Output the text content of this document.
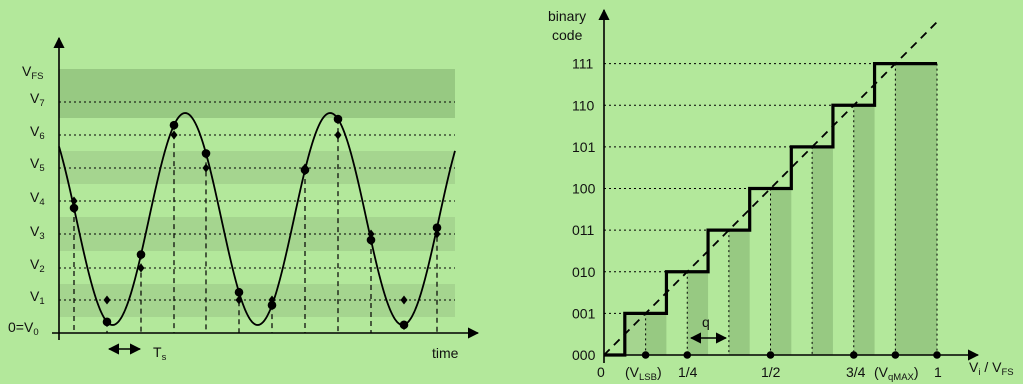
$0=V_0$
$V_1$
$V_2$
$V_3$
$V_4$
$V_5$
$V_6$
$V_7$
$V_{FS}$
time
$T_s$
binary
code
000
001
010
011
100
101
110
111
q
0 $(V_{LSB})$ 1/4	1/2	3/4 $(V_{qMAX})$ 1 $V_i / V_{FS}$
